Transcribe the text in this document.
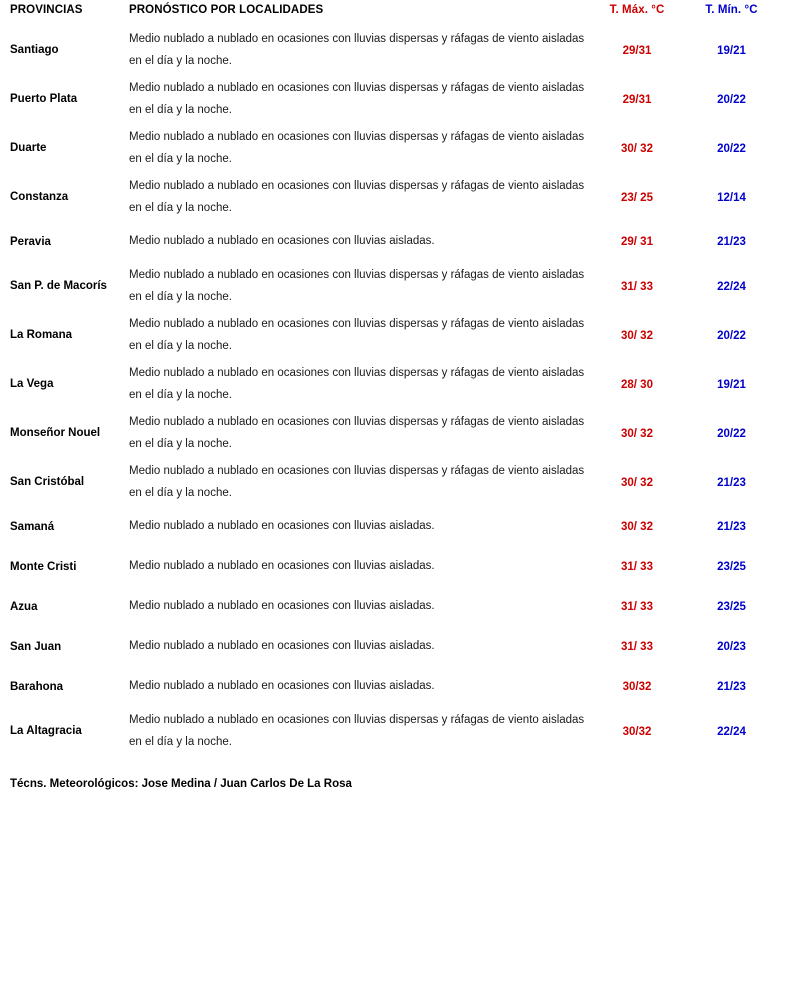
PROVINCIAS	PRONÓSTICO POR LOCALIDADES	T. Máx. °C	T. Mín. °C
Santiago	Medio nublado a nublado en ocasiones con lluvias dispersas y ráfagas de viento aisladas en el día y la noche.	29/31	19/21
Puerto Plata	Medio nublado a nublado en ocasiones con lluvias dispersas y ráfagas de viento aisladas en el día y la noche.	29/31	20/22
Duarte	Medio nublado a nublado en ocasiones con lluvias dispersas y ráfagas de viento aisladas en el día y la noche.	30/ 32	20/22
Constanza	Medio nublado a nublado en ocasiones con lluvias dispersas y ráfagas de viento aisladas en el día y la noche.	23/ 25	12/14
Peravia	Medio nublado a nublado en ocasiones con lluvias aisladas.	29/ 31	21/23
San P. de Macorís	Medio nublado a nublado en ocasiones con lluvias dispersas y ráfagas de viento aisladas en el día y la noche.	31/ 33	22/24
La Romana	Medio nublado a nublado en ocasiones con lluvias dispersas y ráfagas de viento aisladas en el día y la noche.	30/ 32	20/22
La Vega	Medio nublado a nublado en ocasiones con lluvias dispersas y ráfagas de viento aisladas en el día y la noche.	28/ 30	19/21
Monseñor Nouel	Medio nublado a nublado en ocasiones con lluvias dispersas y ráfagas de viento aisladas en el día y la noche.	30/ 32	20/22
San Cristóbal	Medio nublado a nublado en ocasiones con lluvias dispersas y ráfagas de viento aisladas en el día y la noche.	30/ 32	21/23
Samaná	Medio nublado a nublado en ocasiones con lluvias aisladas.	30/ 32	21/23
Monte Cristi	Medio nublado a nublado en ocasiones con lluvias aisladas.	31/ 33	23/25
Azua	Medio nublado a nublado en ocasiones con lluvias aisladas.	31/ 33	23/25
San Juan	Medio nublado a nublado en ocasiones con lluvias aisladas.	31/ 33	20/23
Barahona	Medio nublado a nublado en ocasiones con lluvias aisladas.	30/32	21/23
La Altagracia	Medio nublado a nublado en ocasiones con lluvias dispersas y ráfagas de viento aisladas en el día y la noche.	30/32	22/24
Técns. Meteorológicos: Jose Medina / Juan Carlos De La Rosa
